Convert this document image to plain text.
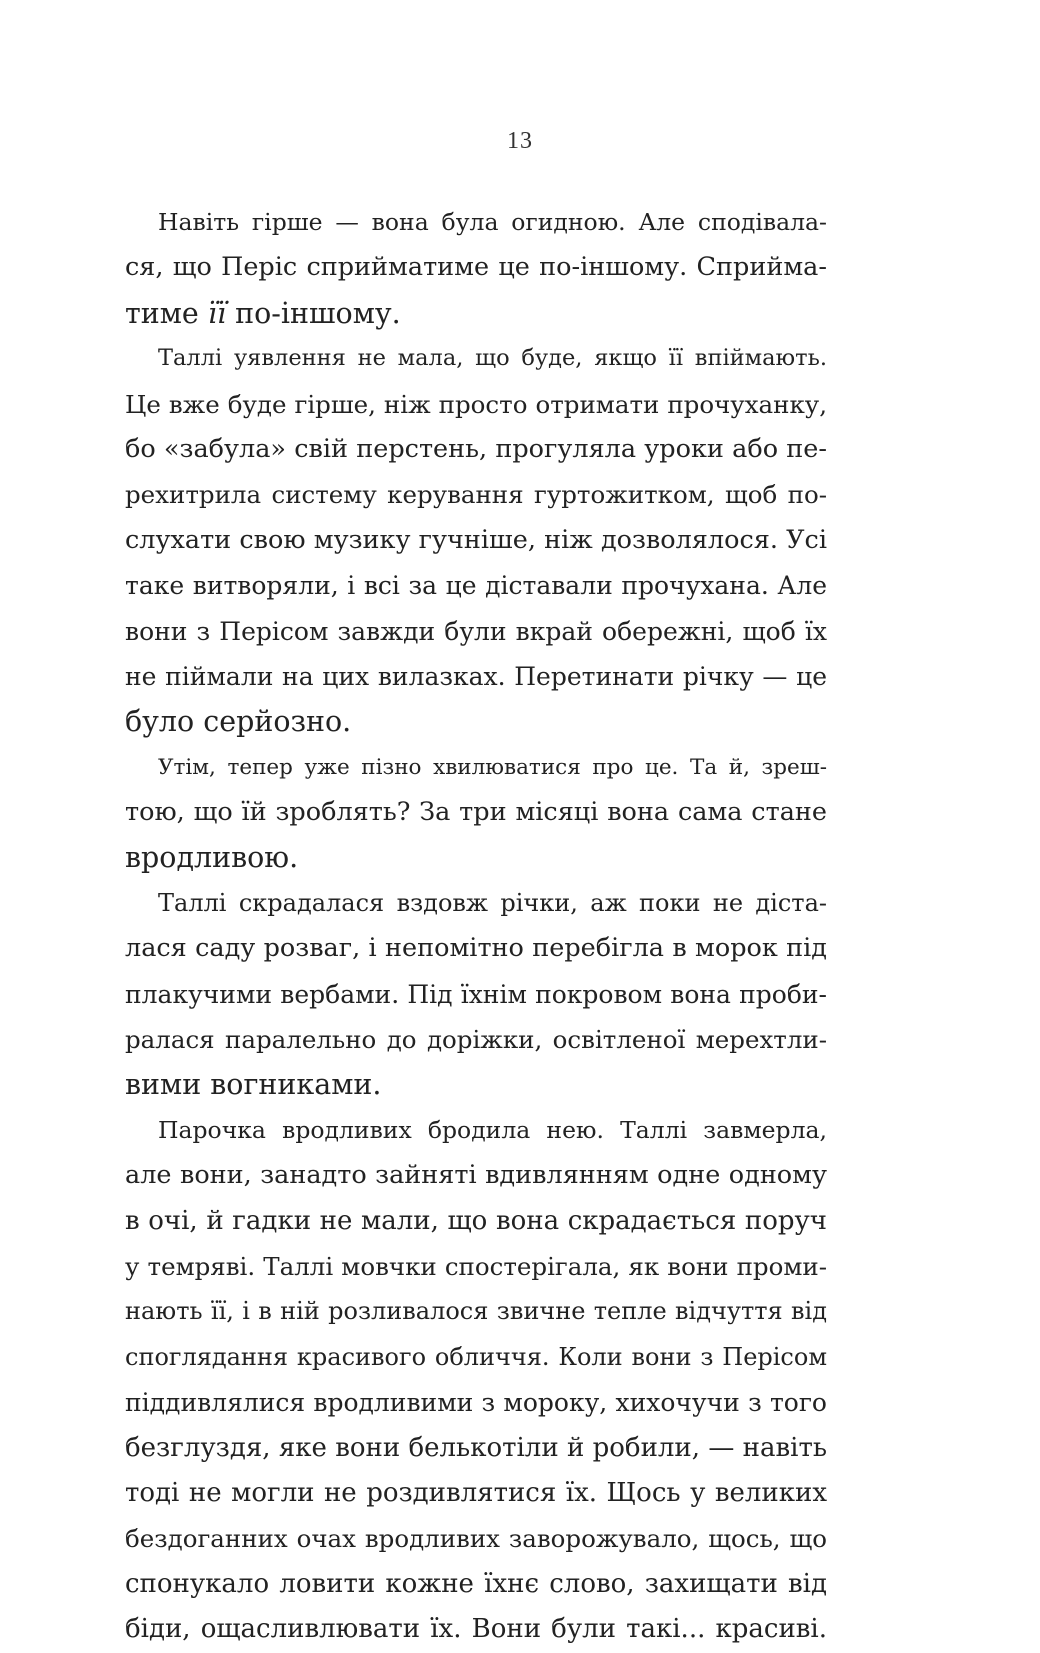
13
Навіть гірше — вона була огидною. Але сподівала-
ся, що Періс сприйматиме це по-іншому. Сприйма-
тиме її по-іншому.
Таллі уявлення не мала, що буде, якщо її впіймають.
Це вже буде гірше, ніж просто отримати прочуханку,
бо «забула» свій перстень, прогуляла уроки або пе-
рехитрила систему керування гуртожитком, щоб по-
слухати свою музику гучніше, ніж дозволялося. Усі
таке витворяли, і всі за це діставали прочухана. Але
вони з Періcом завжди були вкрай обережні, щоб їх
не піймали на цих вилазках. Перетинати річку — це
було серйозно.
Утім, тепер уже пізно хвилюватися про це. Та й, зреш-
тою, що їй зроблять? За три місяці вона сама стане
вродливою.
Таллі скрадалася вздовж річки, аж поки не діста-
лася саду розваг, і непомітно перебігла в морок під
плакучими вербами. Під їхнім покровом вона проби-
ралася паралельно до доріжки, освітленої мерехтли-
вими вогниками.
Парочка вродливих бродила нею. Таллі завмерла,
але вони, занадто зайняті вдивлянням одне одному
в очі, й гадки не мали, що вона скрадається поруч
у темряві. Таллі мовчки спостерігала, як вони проми-
нають її, і в ній розливалося звичне тепле відчуття від
споглядання красивого обличчя. Коли вони з Періcом
піддивлялися вродливими з мороку, хихочучи з того
безглуздя, яке вони белькотіли й робили, — навіть
тоді не могли не роздивлятися їх. Щось у великих
бездоганних очах вродливих заворожувало, щось, що
спонукало ловити кожне їхнє слово, захищати від
біди, ощасливлювати їх. Вони були такі... красиві.
